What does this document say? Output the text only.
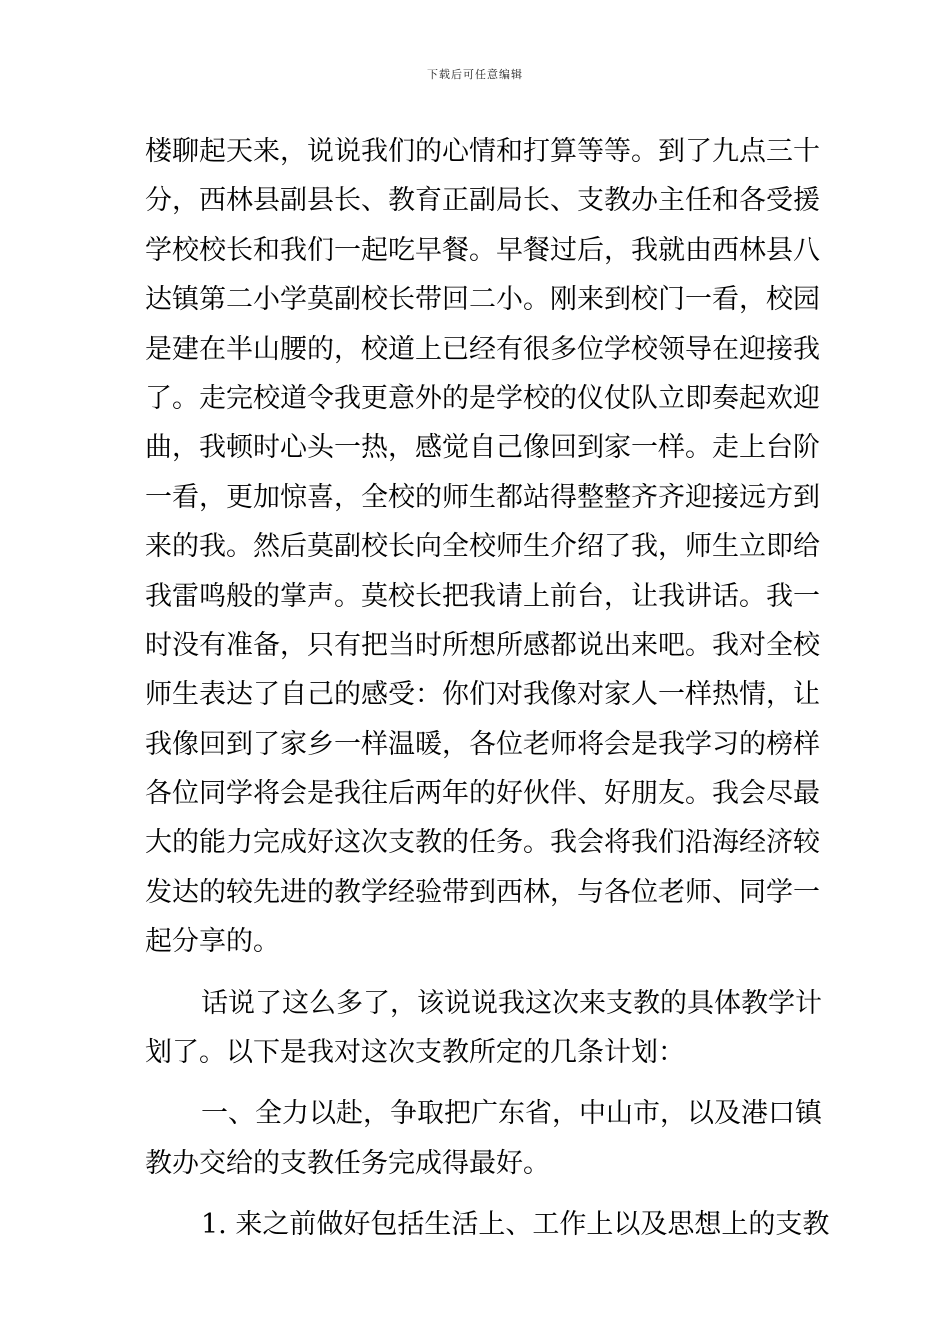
下载后可任意编辑
楼聊起天来，说说我们的心情和打算等等。到了九点三十
分，西林县副县长、教育正副局长、支教办主任和各受援
学校校长和我们一起吃早餐。早餐过后，我就由西林县八
达镇第二小学莫副校长带回二小。刚来到校门一看，校园
是建在半山腰的，校道上已经有很多位学校领导在迎接我
了。走完校道令我更意外的是学校的仪仗队立即奏起欢迎
曲，我顿时心头一热，感觉自己像回到家一样。走上台阶
一看，更加惊喜，全校的师生都站得整整齐齐迎接远方到
来的我。然后莫副校长向全校师生介绍了我，师生立即给
我雷鸣般的掌声。莫校长把我请上前台，让我讲话。我一
时没有准备，只有把当时所想所感都说出来吧。我对全校
师生表达了自己的感受：你们对我像对家人一样热情，让
我像回到了家乡一样温暖，各位老师将会是我学习的榜样
各位同学将会是我往后两年的好伙伴、好朋友。我会尽最
大的能力完成好这次支教的任务。我会将我们沿海经济较
发达的较先进的教学经验带到西林，与各位老师、同学一
起分享的。
话说了这么多了，该说说我这次来支教的具体教学计
划了。以下是我对这次支教所定的几条计划：
一、全力以赴，争取把广东省，中山市，以及港口镇
教办交给的支教任务完成得最好。
1. 来之前做好包括生活上、工作上以及思想上的支教
